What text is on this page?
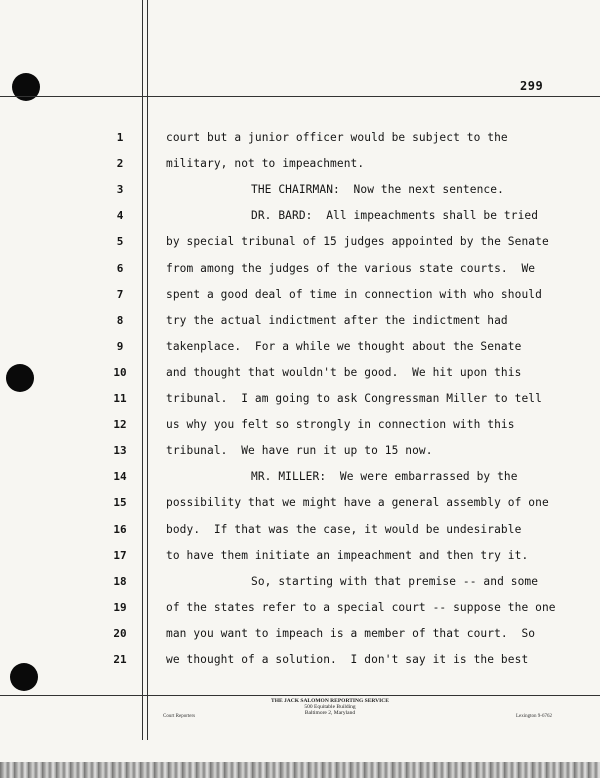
299
1	court but a junior officer would be subject to the
2	military, not to impeachment.
3	THE CHAIRMAN:  Now the next sentence.
4	DR. BARD:  All impeachments shall be tried
5	by special tribunal of 15 judges appointed by the Senate
6	from among the judges of the various state courts.  We
7	spent a good deal of time in connection with who should
8	try the actual indictment after the indictment had
9	takenplace.  For a while we thought about the Senate
10	and thought that wouldn't be good.  We hit upon this
11	tribunal.  I am going to ask Congressman Miller to tell
12	us why you felt so strongly in connection with this
13	tribunal.  We have run it up to 15 now.
14	MR. MILLER:  We were embarrassed by the
15	possibility that we might have a general assembly of one
16	body.  If that was the case, it would be undesirable
17	to have them initiate an impeachment and then try it.
18	So, starting with that premise -- and some
19	of the states refer to a special court -- suppose the one
20	man you want to impeach is a member of that court.  So
21	we thought of a solution.  I don't say it is the best
THE JACK SALOMON REPORTING SERVICE
500 Equitable Building
Baltimore 2, Maryland
Court Reporters	Lexington 9-6762
